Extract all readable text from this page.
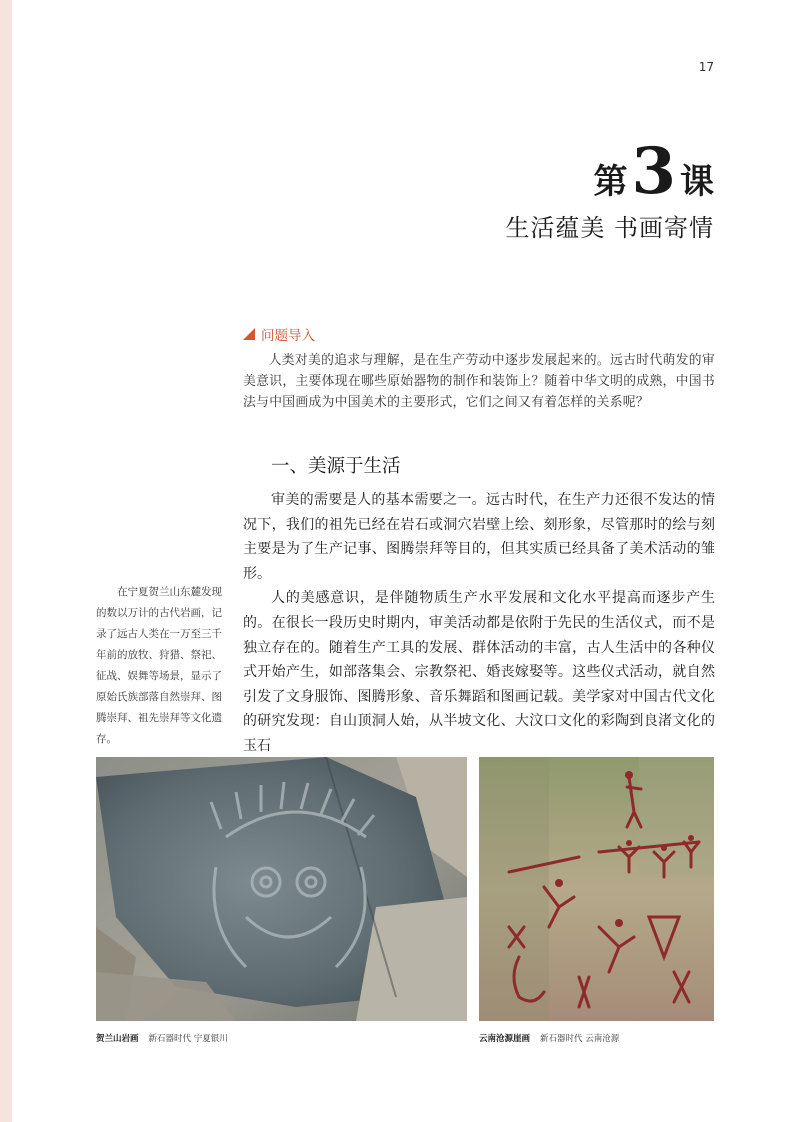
17
第 3 课
生活蕴美 书画寄情
问题导入

人类对美的追求与理解，是在生产劳动中逐步发展起来的。远古时代萌发的审美意识，主要体现在哪些原始器物的制作和装饰上？随着中华文明的成熟，中国书法与中国画成为中国美术的主要形式，它们之间又有着怎样的关系呢？

一、美源于生活

审美的需要是人的基本需要之一。远古时代，在生产力还很不发达的情况下，我们的祖先已经在岩石或洞穴岩壁上绘、刻形象，尽管那时的绘与刻主要是为了生产记事、图腾崇拜等目的，但其实质已经具备了美术活动的雏形。

人的美感意识，是伴随物质生产水平发展和文化水平提高而逐步产生的。在很长一段历史时期内，审美活动都是依附于先民的生活仪式，而不是独立存在的。随着生产工具的发展、群体活动的丰富，古人生活中的各种仪式开始产生，如部落集会、宗教祭祀、婚丧嫁娶等。这些仪式活动，就自然引发了文身服饰、图腾形象、音乐舞蹈和图画记载。美学家对中国古代文化的研究发现：自山顶洞人始，从半坡文化、大汶口文化的彩陶到良渚文化的玉石

在宁夏贺兰山东麓发现的数以万计的古代岩画，记录了远古人类在一万至三千年前的放牧、狩猎、祭祀、征战、娱舞等场景，显示了原始氏族部落自然崇拜、图腾崇拜、祖先崇拜等文化遗存。

贺兰山岩画 新石器时代 宁夏银川	云南沧源崖画 新石器时代 云南沧源
